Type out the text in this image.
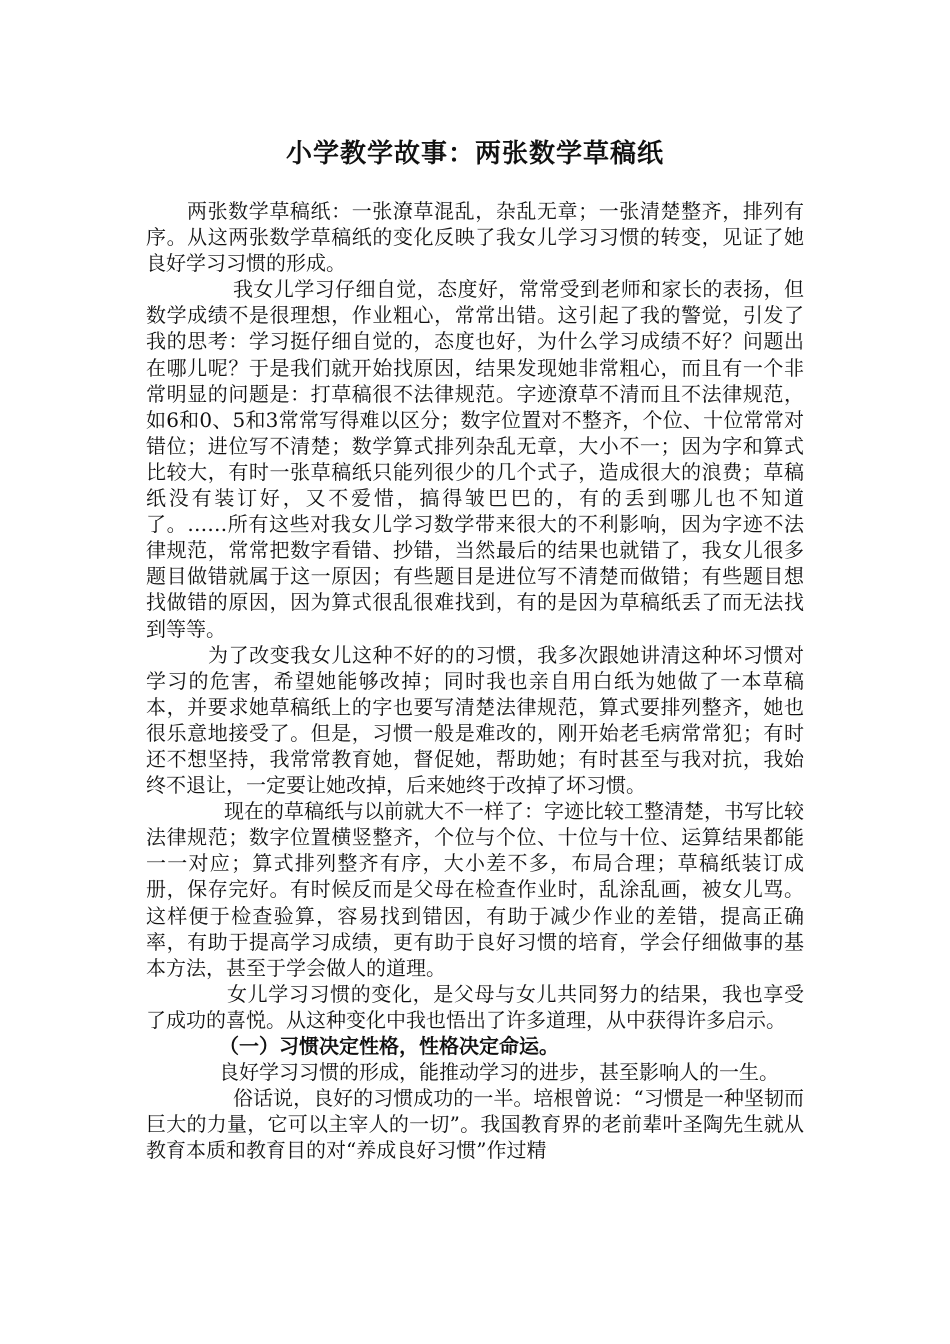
小学教学故事：两张数学草稿纸

两张数学草稿纸：一张潦草混乱，杂乱无章；一张清楚整齐，排列有序。从这两张数学草稿纸的变化反映了我女儿学习习惯的转变，见证了她良好学习习惯的形成。

我女儿学习仔细自觉，态度好，常常受到老师和家长的表扬，但数学成绩不是很理想，作业粗心，常常出错。这引起了我的警觉，引发了我的思考：学习挺仔细自觉的，态度也好，为什么学习成绩不好？问题出在哪儿呢？于是我们就开始找原因，结果发现她非常粗心，而且有一个非常明显的问题是：打草稿很不法律规范。字迹潦草不清而且不法律规范，如6和0、5和3常常写得难以区分；数字位置对不整齐，个位、十位常常对错位；进位写不清楚；数学算式排列杂乱无章，大小不一；因为字和算式比较大，有时一张草稿纸只能列很少的几个式子，造成很大的浪费；草稿纸没有装订好，又不爱惜，搞得皱巴巴的，有的丢到哪儿也不知道了。……所有这些对我女儿学习数学带来很大的不利影响，因为字迹不法律规范，常常把数字看错、抄错，当然最后的结果也就错了，我女儿很多题目做错就属于这一原因；有些题目是进位写不清楚而做错；有些题目想找做错的原因，因为算式很乱很难找到，有的是因为草稿纸丢了而无法找到等等。

为了改变我女儿这种不好的的习惯，我多次跟她讲清这种坏习惯对学习的危害，希望她能够改掉；同时我也亲自用白纸为她做了一本草稿本，并要求她草稿纸上的字也要写清楚法律规范，算式要排列整齐，她也很乐意地接受了。但是，习惯一般是难改的，刚开始老毛病常常犯；有时还不想坚持，我常常教育她，督促她，帮助她；有时甚至与我对抗，我始终不退让，一定要让她改掉，后来她终于改掉了坏习惯。

现在的草稿纸与以前就大不一样了：字迹比较工整清楚，书写比较法律规范；数字位置横竖整齐，个位与个位、十位与十位、运算结果都能一一对应；算式排列整齐有序，大小差不多，布局合理；草稿纸装订成册，保存完好。有时候反而是父母在检查作业时，乱涂乱画，被女儿骂。这样便于检查验算，容易找到错因，有助于减少作业的差错，提高正确率，有助于提高学习成绩，更有助于良好习惯的培育，学会仔细做事的基本方法，甚至于学会做人的道理。

女儿学习习惯的变化，是父母与女儿共同努力的结果，我也享受了成功的喜悦。从这种变化中我也悟出了许多道理，从中获得许多启示。

（一）习惯决定性格，性格决定命运。

良好学习习惯的形成，能推动学习的进步，甚至影响人的一生。

俗话说，良好的习惯成功的一半。培根曾说：“习惯是一种坚韧而巨大的力量，它可以主宰人的一切”。我国教育界的老前辈叶圣陶先生就从教育本质和教育目的对“养成良好习惯”作过精
